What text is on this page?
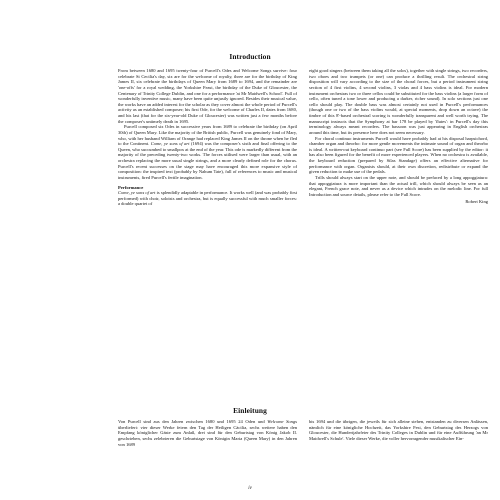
Introduction

From between 1680 and 1695 twenty-four of Purcell's Odes and Welcome Songs survive: four celebrate St Cecilia's day, six are for the welcome of royalty, three are for the birthday of King James II, six celebrate the birthdays of Queen Mary from 1689 to 1694, and the remainder are 'one-offs' for a royal wedding, the Yorkshire Feast, the birthday of the Duke of Gloucester, the Centenary of Trinity College Dublin, and one for a performance 'at Mr Maidwell's School'. Full of wonderfully inventive music, many have been quite unjustly ignored. Besides their musical value, the works have an added interest for the scholar as they cover almost the whole period of Purcell's activity as an established composer; his first Ode, for the welcome of Charles II, dates from 1680, and his last (that for the six-year-old Duke of Gloucester) was written just a few months before the composer's untimely death in 1695.

Purcell composed six Odes in successive years from 1689 to celebrate the birthday (on April 30th) of Queen Mary. Like the majority of the British public, Purcell was genuinely fond of Mary, who, with her husband William of Orange had replaced King James II on the throne when he fled to the Continent. Come, ye sons of art (1694) was the composer's sixth and final offering to the Queen, who succumbed to smallpox at the end of the year. This ode is markedly different from the majority of the preceding twenty-two works. The forces utilised were larger than usual, with an orchestra replacing the more usual single strings, and a more clearly defined role for the chorus. Purcell's recent successes on the stage may have encouraged this more expansive style of composition: the inspired text (probably by Nahum Tate), full of references to music and musical instruments, fired Purcell's fertile imagination.

Performance

Come, ye sons of art is splendidly adaptable in performance. It works well (and was probably first performed) with choir, soloists and orchestra, but is equally successful with much smaller forces: a double quartet of

eight good singers (between them taking all the solos), together with single strings, two recorders, two oboes and two trumpets (or one) can produce a thrilling result. The orchestral string disposition will vary according to the size of the choral forces, but a period instrument string section of 4 first violins, 4 second violins, 3 violas and 4 bass violins is ideal. For modern instrument orchestras two or three cellos could be substituted for the bass violins (a larger form of cello, often tuned a tone lower and producing a darker, richer sound). In solo sections just one cello should play. The double bass was almost certainly not used in Purcell's performances (though one or two of the bass violins would, at special moments, drop down an octave) the timbre of this 8'-based orchestral scoring is wonderfully transparent and well worth trying. The manuscript instructs that the Symphony at bar 178 be played by 'flutes': in Purcell's day this terminology always meant recorders. The bassoon was just appearing in English orchestras around this time, but its presence here does not seem necessary.

For choral continuo instruments Purcell would have probably had at his disposal harpsichord, chamber organ and theorbo: for more gentle movements the intimate sound of organ and theorbo is ideal. A written-out keyboard continuo part (see Full Score) has been supplied by the editor: it has also been figured for the benefit of more experienced players. When no orchestra is available, the keyboard reduction (prepared by Silas Standage) offers an effective alternative for performance with organ. Organists should, at their own discretion, redistribute or expand the given reduction to make use of the pedals.

Trills should always start on the upper note, and should be prefaced by a long appoggiatura: that appoggiatura is more important than the actual trill, which should always be seen as an elegant, French grace note, and never as a device which intrudes on the melodic line. For full Introduction and source details, please refer to the Full Score.

Robert King

Einleitung

Von Purcell sind aus den Jahren zwischen 1680 und 1695 24 Oden und Welcome Songs überliefert: vier dieser Werke feiern den Tag der Heiligen Cäcilia, sechs weitere haben den Empfang königlicher Gäste zum Anlaß, drei sind für den Geburtstag von König Jakob II. geschrieben, sechs zelebrieren die Geburtstage von Königin Maria (Queen Mary) in den Jahren von 1689

bis 1694 und die übrigen, die jeweils für sich alleine stehen, entstanden zu diversen Anlässen, nämlich für eine königliche Hochzeit, das Yorkshire Fest, den Geburtstag des Herzogs von Gloucester, die Hundertjahrfeier des Trinity Colleges in Dublin und für eine Aufführung 'an Mr Maidwell's Schule'. Viele dieser Werke, die voller hervorragender musikalischer Ein-

iv
